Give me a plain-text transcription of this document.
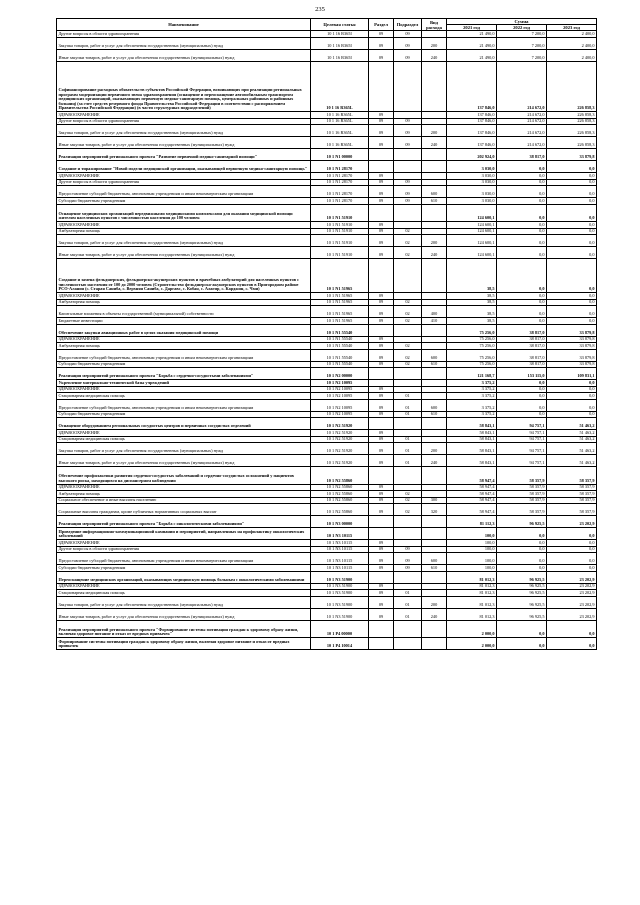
235
Наименование	Целевая статья	Раздел	Подраздел	Вид расхода	Сумма		
					2021 год	2022 год	2023 год
Другие вопросы в области здравоохранения	10 1 16 R365I	09	09		21 490,0	7 200,0	2 400,0
Закупка товаров, работ и услуг для обеспечения государственных (муниципальных) нужд	10 1 16 R365I	09	09	200	21 490,0	7 200,0	2 400,0
Иные закупки товаров, работ и услуг для обеспечения государственных (муниципальных) нужд	10 1 16 R365I	09	09	240	21 490,0	7 200,0	2 400,0
Софинансирование расходных обязательств субъектов Российской Федерации, возникающих при реализации региональных программ модернизации первичного звена здравоохранения (оснащение и переоснащение автомобильным транспортом медицинских организаций, оказывающих первичную медико-санитарную помощь, центральных районных и районных больниц) (за счет средств резервного фонда Правительства Российской Федерации в соответствии с распоряжением Правительства Российской Федерации) (в части структурных подразделений)	10 1 16 R365L				137 846,0	214 672,0	226 858,3
ЗДРАВООХРАНЕНИЕ	10 1 16 R365L	09			137 846,0	214 672,0	226 858,3
Другие вопросы в области здравоохранения	10 1 16 R365L	09	09		137 846,0	214 672,0	226 858,3
Закупка товаров, работ и услуг для обеспечения государственных (муниципальных) нужд	10 1 16 R365L	09	09	200	137 846,0	214 672,0	226 858,3
Иные закупки товаров, работ и услуг для обеспечения государственных (муниципальных) нужд	10 1 16 R365L	09	09	240	137 846,0	214 672,0	226 858,3
Реализация мероприятий регионального проекта "Развитие первичной медико-санитарной помощи"	10 1 N1 00000				202 924,0	38 817,0	33 879,8
Создание и тиражирование "Новой модели медицинской организации, оказывающей первичную медико-санитарную помощь"	10 1 N1 28170				3 030,0	0,0	0,0
ЗДРАВООХРАНЕНИЕ	10 1 N1 28170	09			3 030,0	0,0	0,0
Другие вопросы в области здравоохранения	10 1 N1 28170	09	09		3 030,0	0,0	0,0
Предоставление субсидий бюджетным, автономным учреждениям и иным некоммерческим организациям	10 1 N1 28170	09	09	600	3 030,0	0,0	0,0
Субсидии бюджетным учреждениям	10 1 N1 28170	09	09	610	3 030,0	0,0	0,0
Оснащение медицинских организаций передвижными медицинскими комплексами для оказания медицинской помощи жителям населенных пунктов с численностью населения до 100 человек	10 1 N1 51910				124 600,1	0,0	0,0
ЗДРАВООХРАНЕНИЕ	10 1 N1 51910	09			124 600,1	0,0	0,0
Амбулаторная помощь	10 1 N1 51910	09	02		124 600,1	0,0	0,0
Закупка товаров, работ и услуг для обеспечения государственных (муниципальных) нужд	10 1 N1 51910	09	02	200	124 600,1	0,0	0,0
Иные закупки товаров, работ и услуг для обеспечения государственных (муниципальных) нужд	10 1 N1 51910	09	02	240	124 600,1	0,0	0,0
Создание и замена фельдшерских, фельдшерско-акушерских пунктов и врачебных амбулаторий для населенных пунктов с численностью населения от 100 до 2000 человек (Строительство фельдшерско-акушерских пунктов в Пригородном районе РСО-Алания (с. Старая Саниба, с. Верхняя Саниба, с. Даргавс, с. Кобан, с. Алагир, с. Карджин, с. Чми)	10 1 N1 51965				38,5	0,0	0,0
ЗДРАВООХРАНЕНИЕ	10 1 N1 51965	09			38,5	0,0	0,0
Амбулаторная помощь	10 1 N1 51965	09	02		38,5	0,0	0,0
Капитальные вложения в объекты государственной (муниципальной) собственности	10 1 N1 51965	09	02	400	38,5	0,0	0,0
Бюджетные инвестиции	10 1 N1 51965	09	02	410	38,5	0,0	0,0
Обеспечение закупки авиационных работ в целях оказания медицинской помощи	10 1 N1 55540				75 256,0	38 817,0	33 879,8
ЗДРАВООХРАНЕНИЕ	10 1 N1 55540	09			75 256,0	38 817,0	33 879,8
Амбулаторная помощь	10 1 N1 55540	09	02		75 256,0	38 817,0	33 879,8
Предоставление субсидий бюджетным, автономным учреждениям и иным некоммерческим организациям	10 1 N1 55540	09	02	600	75 256,0	38 817,0	33 879,8
Субсидии бюджетным учреждениям	10 1 N1 55540	09	02	610	75 256,0	38 817,0	33 879,8
Реализация мероприятий регионального проекта "Борьба с сердечно-сосудистыми заболеваниями"	10 1 N2 00000				121 168,7	153 115,0	109 831,1
Укрепление материально-технической базы учреждений	10 1 N2 10095				3 375,2	0,0	0,0
ЗДРАВООХРАНЕНИЕ	10 1 N2 10095	09			3 375,2	0,0	0,0
Стационарная медицинская помощь	10 1 N2 10095	09	01		3 375,2	0,0	0,0
Предоставление субсидий бюджетным, автономным учреждениям и иным некоммерческим организациям	10 1 N2 10095	09	01	600	3 375,2	0,0	0,0
Субсидии бюджетным учреждениям	10 1 N2 10095	09	01	610	3 375,2	0,0	0,0
Оснащение оборудованием региональных сосудистых центров и первичных сосудистых отделений	10 1 N2 51920				58 843,1	94 757,1	51 463,2
ЗДРАВООХРАНЕНИЕ	10 1 N2 51920	09			58 843,1	94 757,1	51 463,2
Стационарная медицинская помощь	10 1 N2 51920	09	01		58 843,1	94 757,1	51 463,2
Закупка товаров, работ и услуг для обеспечения государственных (муниципальных) нужд	10 1 N2 51920	09	01	200	58 843,1	94 757,1	51 463,2
Иные закупки товаров, работ и услуг для обеспечения государственных (муниципальных) нужд	10 1 N2 51920	09	01	240	58 843,1	94 757,1	51 463,2
Обеспечение профилактики развития сердечно-сосудистых заболеваний и сердечно-сосудистых осложнений у пациентов высокого риска, находящихся на диспансерном наблюдении	10 1 N2 55860				58 947,4	58 357,9	58 357,9
ЗДРАВООХРАНЕНИЕ	10 1 N2 55860	09			58 947,4	58 357,9	58 357,9
Амбулаторная помощь	10 1 N2 55860	09	02		58 947,4	58 357,9	58 357,9
Социальное обеспечение и иные выплаты населению	10 1 N2 55860	09	02	300	58 947,4	58 357,9	58 357,9
Социальные выплаты гражданам, кроме публичных нормативных социальных выплат	10 1 N2 55860	09	02	320	58 947,4	58 357,9	58 357,9
Реализация мероприятий регионального проекта "Борьба с онкологическими заболеваниями"	10 1 N3 00000				81 112,3	96 925,5	23 202,9
Проведение информационно-коммуникационной кампании и мероприятий, направленных на профилактику онкологических заболеваний	10 1 N3 10115				100,0	0,0	0,0
ЗДРАВООХРАНЕНИЕ	10 1 N3 10115	09			100,0	0,0	0,0
Другие вопросы в области здравоохранения	10 1 N3 10115	09	09		100,0	0,0	0,0
Предоставление субсидий бюджетным, автономным учреждениям и иным некоммерческим организациям	10 1 N3 10115	09	09	600	100,0	0,0	0,0
Субсидии бюджетным учреждениям	10 1 N3 10115	09	09	610	100,0	0,0	0,0
Переоснащение медицинских организаций, оказывающих медицинскую помощь больным с онкологическими заболеваниями	10 1 N3 51900				81 012,3	96 925,5	23 202,9
ЗДРАВООХРАНЕНИЕ	10 1 N3 51900	09			81 012,3	96 925,5	23 202,9
Стационарная медицинская помощь	10 1 N3 51900	09	01		81 012,3	96 925,5	23 202,9
Закупка товаров, работ и услуг для обеспечения государственных (муниципальных) нужд	10 1 N3 51900	09	01	200	81 012,3	96 925,5	23 202,9
Иные закупки товаров, работ и услуг для обеспечения государственных (муниципальных) нужд	10 1 N3 51900	09	01	240	81 012,3	96 925,5	23 202,9
Реализация мероприятий регионального проекта "Формирование системы мотивации граждан к здоровому образу жизни, включая здоровое питание и отказ от вредных привычек"	10 1 P4 00000				2 000,0	0,0	0,0
Формирование системы мотивации граждан к здоровому образу жизни, включая здоровое питание и отказ от вредных привычек	10 1 P4 10014				2 000,0	0,0	0,0
